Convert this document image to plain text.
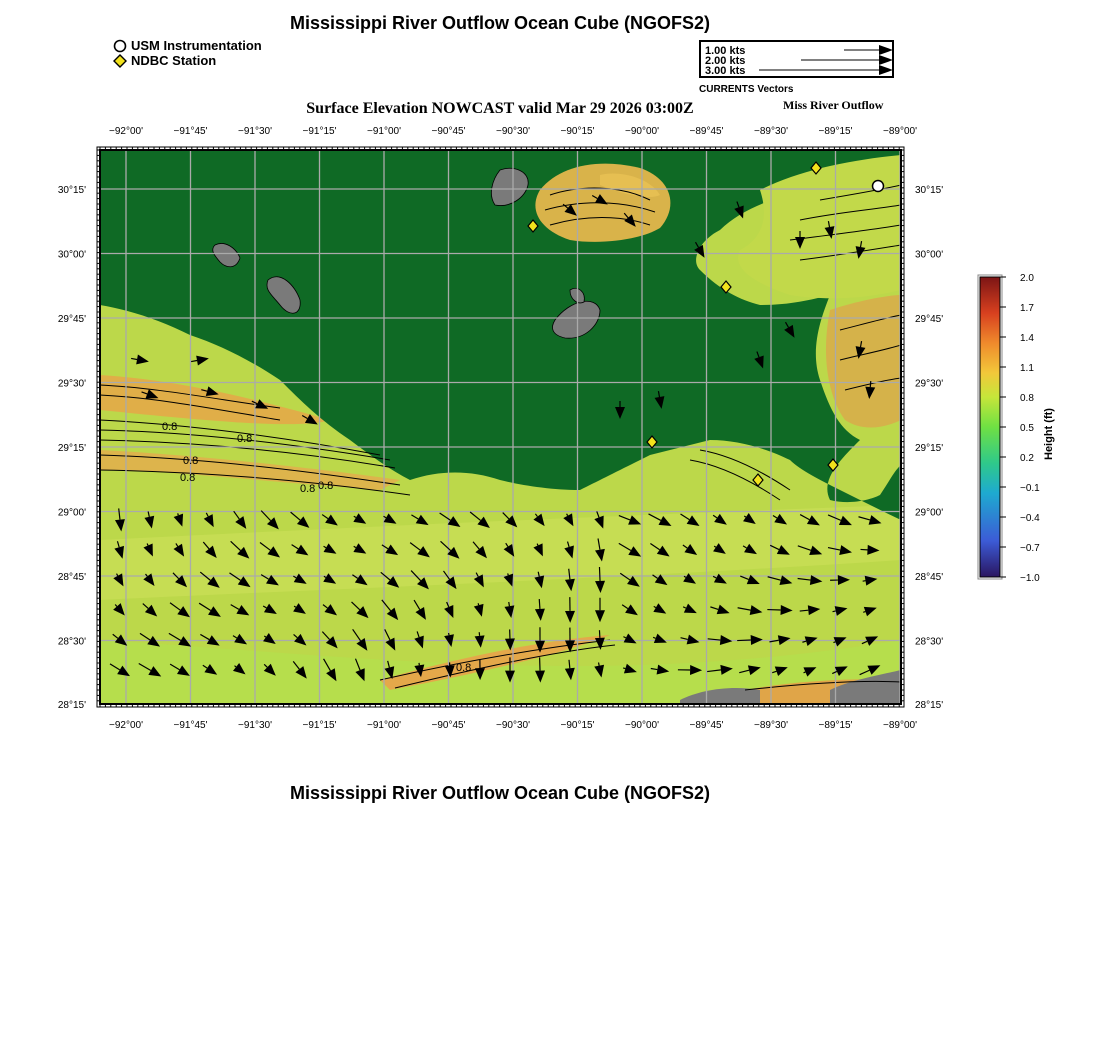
Mississippi River Outflow Ocean Cube (NGOFS2)
USM Instrumentation
NDBC Station
1.00 kts
2.00 kts
3.00 kts
CURRENTS Vectors
Surface Elevation NOWCAST valid Mar 29 2026 03:00Z	Miss River Outflow
0.8
0.8
0.8
0.8
0.8 0.8
0.8
−92°00'	−91°45'	−91°30'	−91°15'	−91°00'	−90°45'	−90°30'	−90°15'	−90°00'	−89°45'	−89°30'	−89°15'	−89°00'
−92°00'	−91°45'	−91°30'	−91°15'	−91°00'	−90°45'	−90°30'	−90°15'	−90°00'	−89°45'	−89°30'	−89°15'	−89°00'
30°15'
30°00'
29°45'
29°30'
29°15'
29°00'
28°45'
28°30'
28°15'
30°15'
30°00'
29°45'
29°30'
29°15'
29°00'
28°45'
28°30'
28°15'
2.0
1.7
1.4
1.1
0.8
0.5
0.2
−0.1
−0.4
−0.7
−1.0
Height (ft)
Mississippi River Outflow Ocean Cube (NGOFS2)
